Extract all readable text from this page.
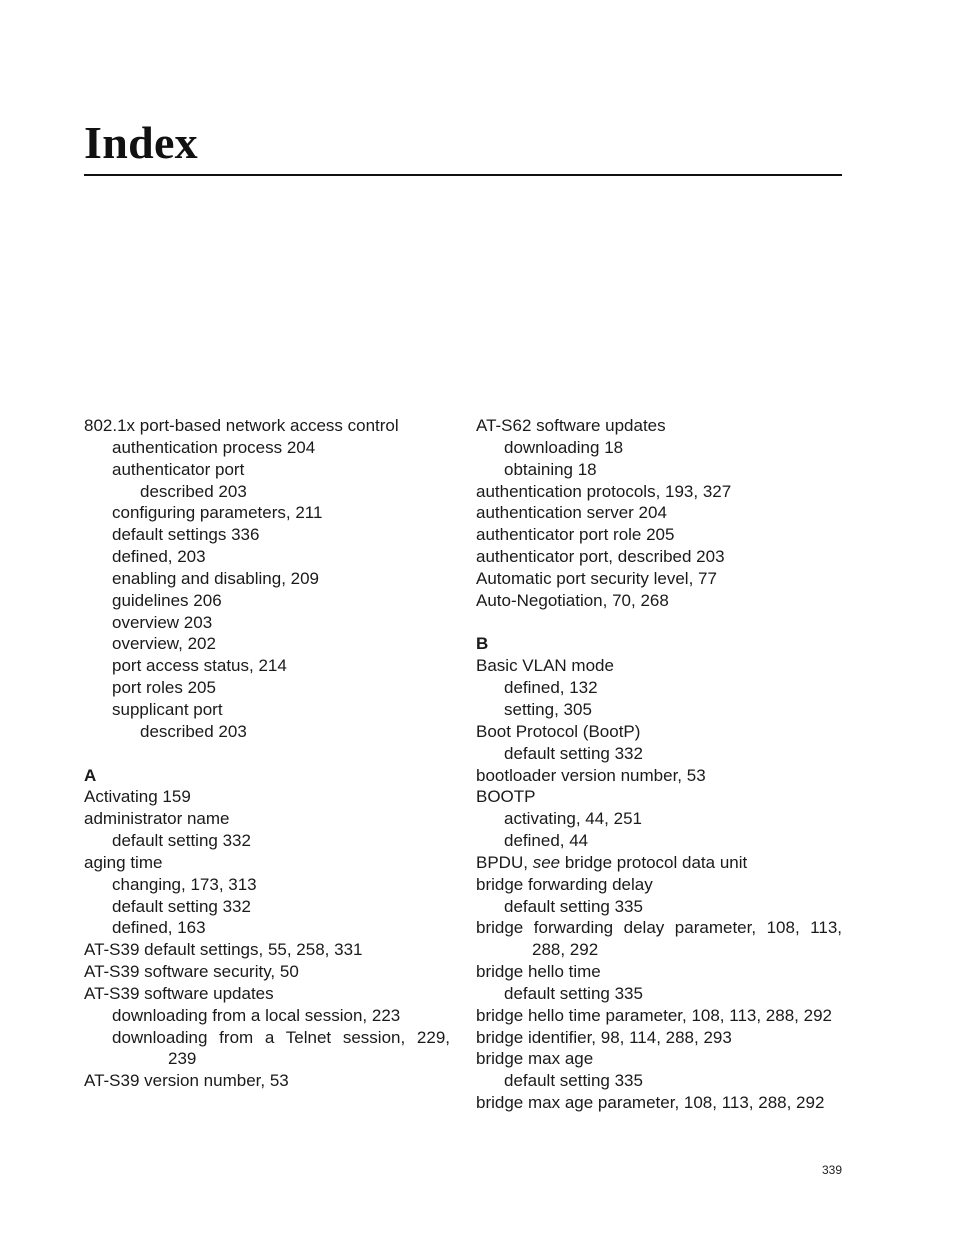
Index
802.1x port-based network access control
authentication process 204
authenticator port
described 203
configuring parameters, 211
default settings 336
defined, 203
enabling and disabling, 209
guidelines 206
overview 203
overview, 202
port access status, 214
port roles 205
supplicant port
described 203
A
Activating 159
administrator name
default setting 332
aging time
changing, 173, 313
default setting 332
defined, 163
AT-S39 default settings, 55, 258, 331
AT-S39 software security, 50
AT-S39 software updates
downloading from a local session, 223
downloading from a Telnet session, 229,
239
AT-S39 version number, 53
AT-S62 software updates
downloading 18
obtaining 18
authentication protocols, 193, 327
authentication server 204
authenticator port role 205
authenticator port, described 203
Automatic port security level, 77
Auto-Negotiation, 70, 268
B
Basic VLAN mode
defined, 132
setting, 305
Boot Protocol (BootP)
default setting 332
bootloader version number, 53
BOOTP
activating, 44, 251
defined, 44
BPDU, see bridge protocol data unit
bridge forwarding delay
default setting 335
bridge forwarding delay parameter, 108, 113,
288, 292
bridge hello time
default setting 335
bridge hello time parameter, 108, 113, 288, 292
bridge identifier, 98, 114, 288, 293
bridge max age
default setting 335
bridge max age parameter, 108, 113, 288, 292
339
